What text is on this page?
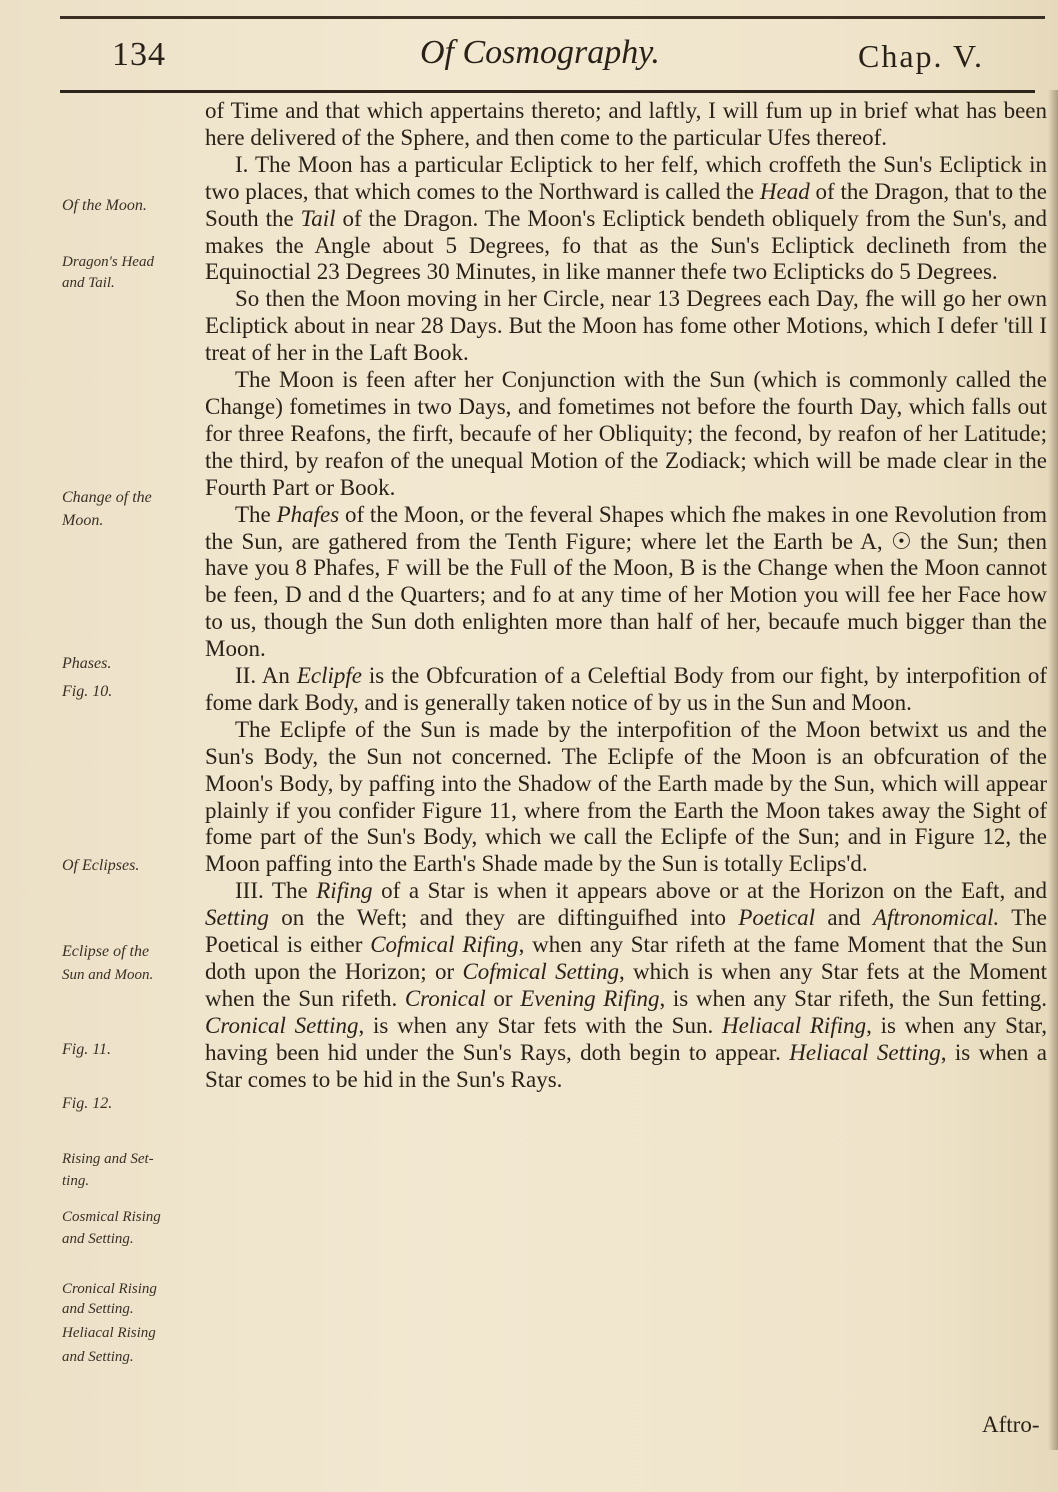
134	Of Cosmography.	Chap. V.
Of the Moon.
Dragon's Head
and Tail.
Change of the
Moon.
Phases.
Fig. 10.
Of Eclipses.
Eclipse of the
Sun and Moon.
Fig. 11.
Fig. 12.
Rising and Set-
ting.
Cosmical Rising
and Setting.
Cronical Rising
and Setting.
Heliacal Rising
and Setting.

of Time and that which appertains thereto; and laftly, I will fum up in brief what has been here delivered of the Sphere, and then come to the particular Ufes thereof.

I. The Moon has a particular Ecliptick to her felf, which croffeth the Sun's Ecliptick in two places, that which comes to the Northward is called the Head of the Dragon, that to the South the Tail of the Dragon. The Moon's Ecliptick bendeth obliquely from the Sun's, and makes the Angle about 5 Degrees, fo that as the Sun's Ecliptick declineth from the Equinoctial 23 Degrees 30 Minutes, in like manner thefe two Eclipticks do 5 Degrees.

So then the Moon moving in her Circle, near 13 Degrees each Day, fhe will go her own Ecliptick about in near 28 Days. But the Moon has fome other Motions, which I defer 'till I treat of her in the Laft Book.

The Moon is feen after her Conjunction with the Sun (which is commonly called the Change) fometimes in two Days, and fometimes not before the fourth Day, which falls out for three Reafons, the firft, becaufe of her Obliquity; the fecond, by reafon of her Latitude; the third, by reafon of the unequal Motion of the Zodiack; which will be made clear in the Fourth Part or Book.

The Phafes of the Moon, or the feveral Shapes which fhe makes in one Revolution from the Sun, are gathered from the Tenth Figure; where let the Earth be A, ☉ the Sun; then have you 8 Phafes, F will be the Full of the Moon, B is the Change when the Moon cannot be feen, D and d the Quarters; and fo at any time of her Motion you will fee her Face how to us, though the Sun doth enlighten more than half of her, becaufe much bigger than the Moon.

II. An Eclipfe is the Obfcuration of a Celeftial Body from our fight, by interpofition of fome dark Body, and is generally taken notice of by us in the Sun and Moon.

The Eclipfe of the Sun is made by the interpofition of the Moon betwixt us and the Sun's Body, the Sun not concerned. The Eclipfe of the Moon is an obfcuration of the Moon's Body, by paffing into the Shadow of the Earth made by the Sun, which will appear plainly if you confider Figure 11, where from the Earth the Moon takes away the Sight of fome part of the Sun's Body, which we call the Eclipfe of the Sun; and in Figure 12, the Moon paffing into the Earth's Shade made by the Sun is totally Eclips'd.

III. The Rifing of a Star is when it appears above or at the Horizon on the Eaft, and Setting on the Weft; and they are diftinguifhed into Poetical and Aftronomical. The Poetical is either Cofmical Rifing, when any Star rifeth at the fame Moment that the Sun doth upon the Horizon; or Cofmical Setting, which is when any Star fets at the Moment when the Sun rifeth. Cronical or Evening Rifing, is when any Star rifeth, the Sun fetting. Cronical Setting, is when any Star fets with the Sun. Heliacal Rifing, is when any Star, having been hid under the Sun's Rays, doth begin to appear. Heliacal Setting, is when a Star comes to be hid in the Sun's Rays.

Aftro-
